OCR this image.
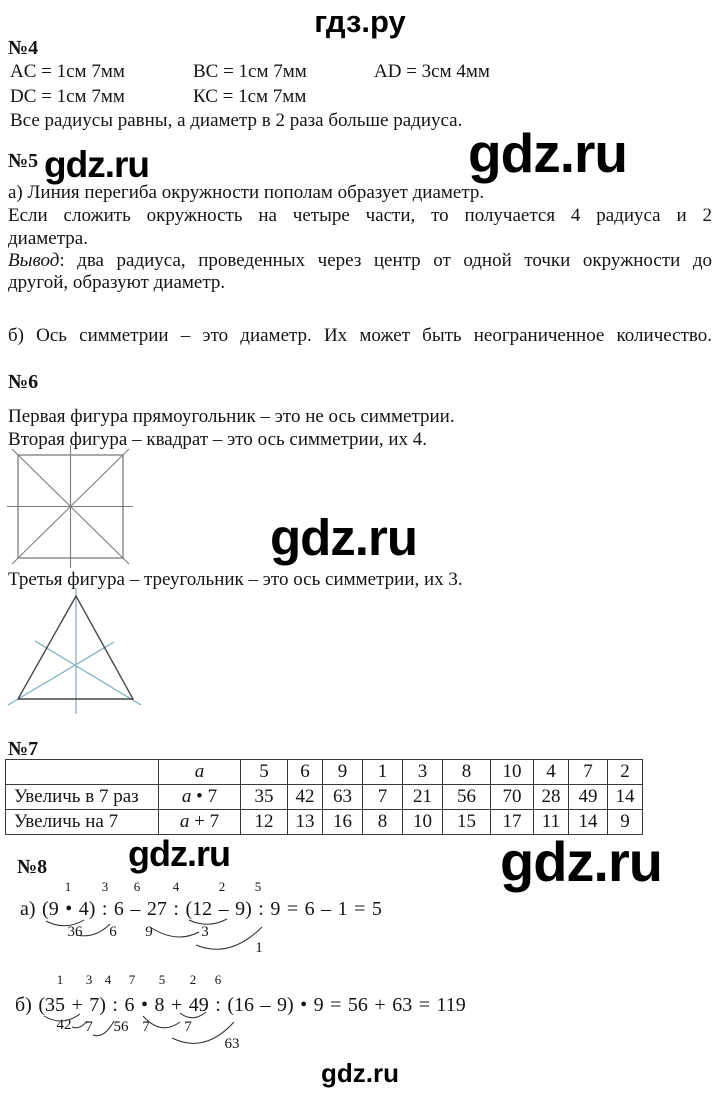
гдз.ру
№4
AC = 1см 7мм	BC = 1см 7мм	AD = 3см 4мм
DC = 1см 7мм	КС = 1см 7мм
Все радиусы равны, а диаметр в 2 раза больше радиуса.
№5 gdz.ru	gdz.ru
а) Линия перегиба окружности пополам образует диаметр.
Если сложить окружность на четыре части, то получается 4 радиуса и 2
диаметра.
Вывод: два радиуса, проведенных через центр от одной точки окружности до
другой, образуют диаметр.
б) Ось симметрии – это диаметр. Их может быть неограниченное количество.
№6
Первая фигура прямоугольник – это не ось симметрии.
Вторая фигура – квадрат – это ось симметрии, их 4.
gdz.ru
Третья фигура – треугольник – это ось симметрии, их 3.
№7
	a	5	6	9	1	3	8	10	4	7	2
Увеличь в 7 раз	a • 7	35	42	63	7	21	56	70	28	49	14
Увеличь на 7	a + 7	12	13	16	8	10	15	17	11	14	9
№8 gdz.ru	gdz.ru
1 3 6	4	2 5
а) (9 • 4) : 6 – 27 : (12 – 9) : 9 = 6 – 1 = 5
36 6 9	3
1
1 3 4 7 5 2 6
б) (35 + 7) : 6 • 8 + 49 : (16 – 9) • 9 = 56 + 63 = 119
42 7 56 7 7
63
gdz.ru
